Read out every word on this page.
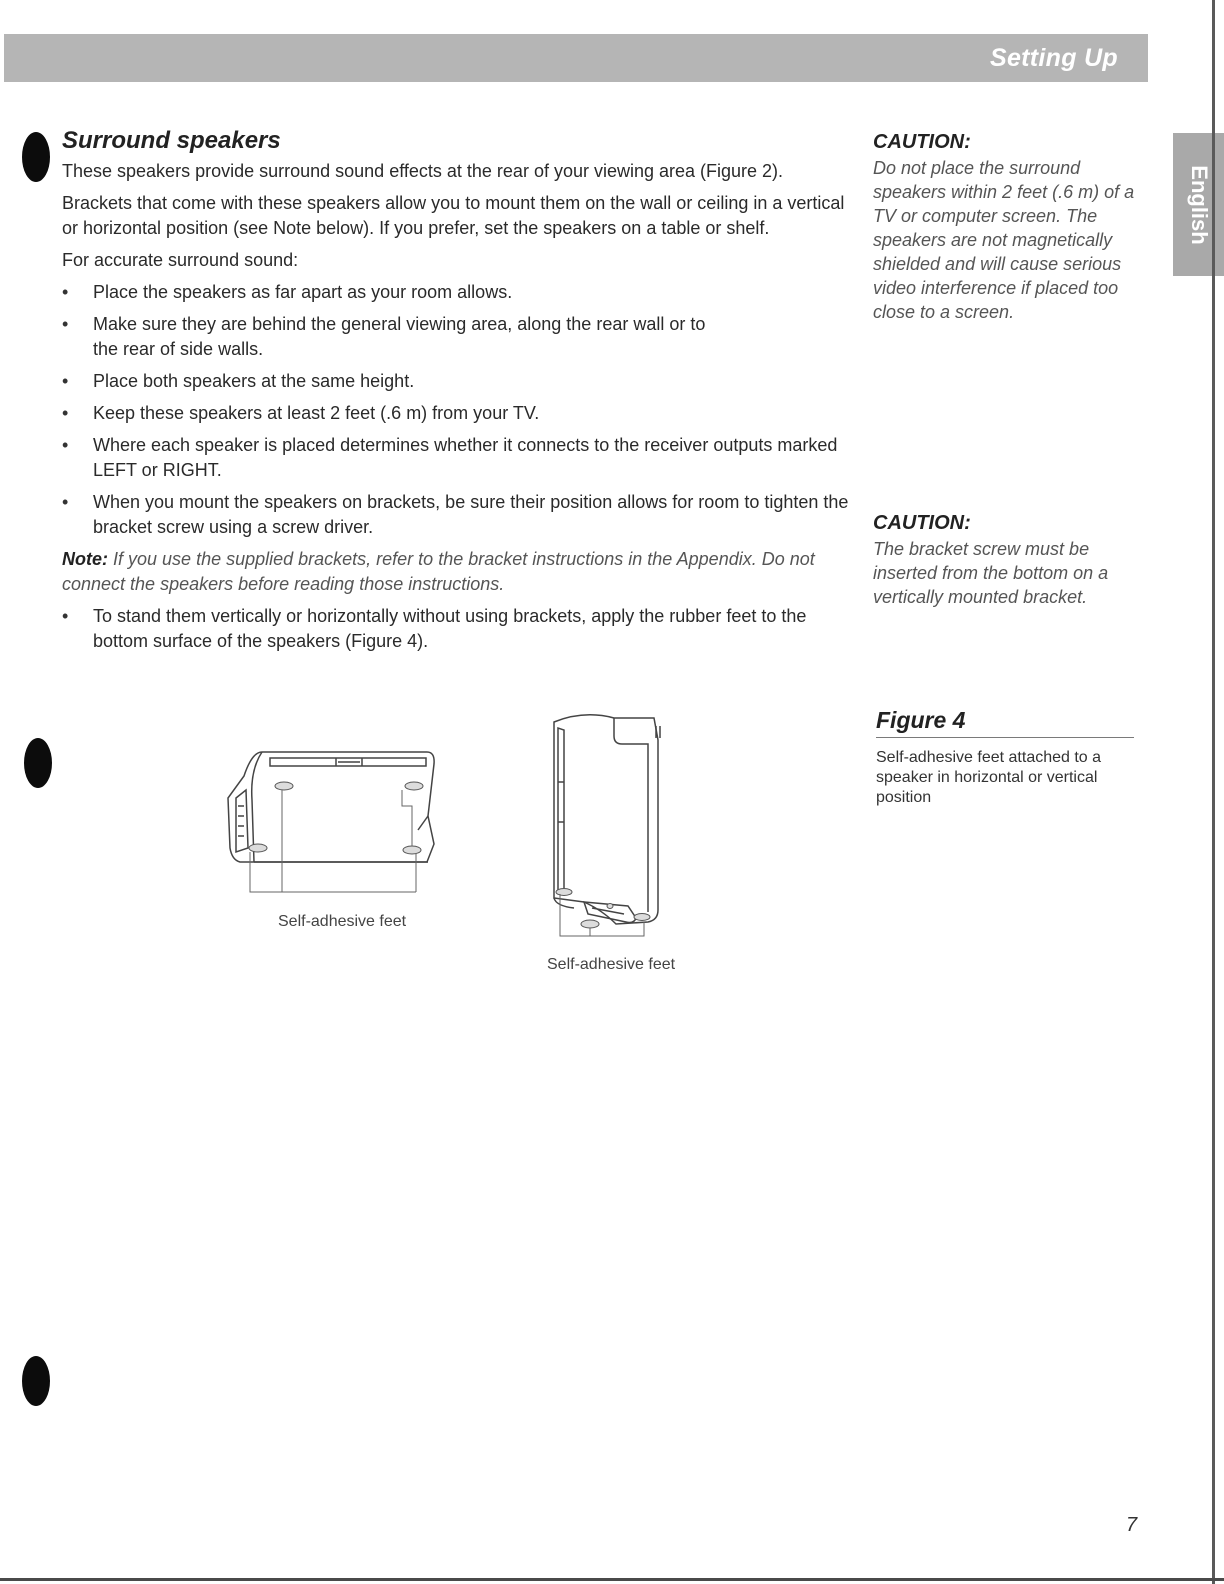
Setting Up
English
Surround speakers

These speakers provide surround sound effects at the rear of your viewing area (Figure 2).

Brackets that come with these speakers allow you to mount them on the wall or ceiling in a vertical or horizontal position (see Note below). If you prefer, set the speakers on a table or shelf.

For accurate surround sound:

• Place the speakers as far apart as your room allows.
• Make sure they are behind the general viewing area, along the rear wall or to the rear of side walls.
• Place both speakers at the same height.
• Keep these speakers at least 2 feet (.6 m) from your TV.
• Where each speaker is placed determines whether it connects to the receiver outputs marked LEFT or RIGHT.
• When you mount the speakers on brackets, be sure their position allows for room to tighten the bracket screw using a screw driver.

Note: If you use the supplied brackets, refer to the bracket instructions in the Appendix. Do not connect the speakers before reading those instructions.

• To stand them vertically or horizontally without using brackets, apply the rubber feet to the bottom surface of the speakers (Figure 4).
CAUTION:

Do not place the surround speakers within 2 feet (.6 m) of a TV or computer screen. The speakers are not magnetically shielded and will cause serious video interference if placed too close to a screen.

CAUTION:

The bracket screw must be inserted from the bottom on a vertically mounted bracket.

Figure 4
Self-adhesive feet attached to a speaker in horizontal or vertical position
Self-adhesive feet
Self-adhesive feet
7
